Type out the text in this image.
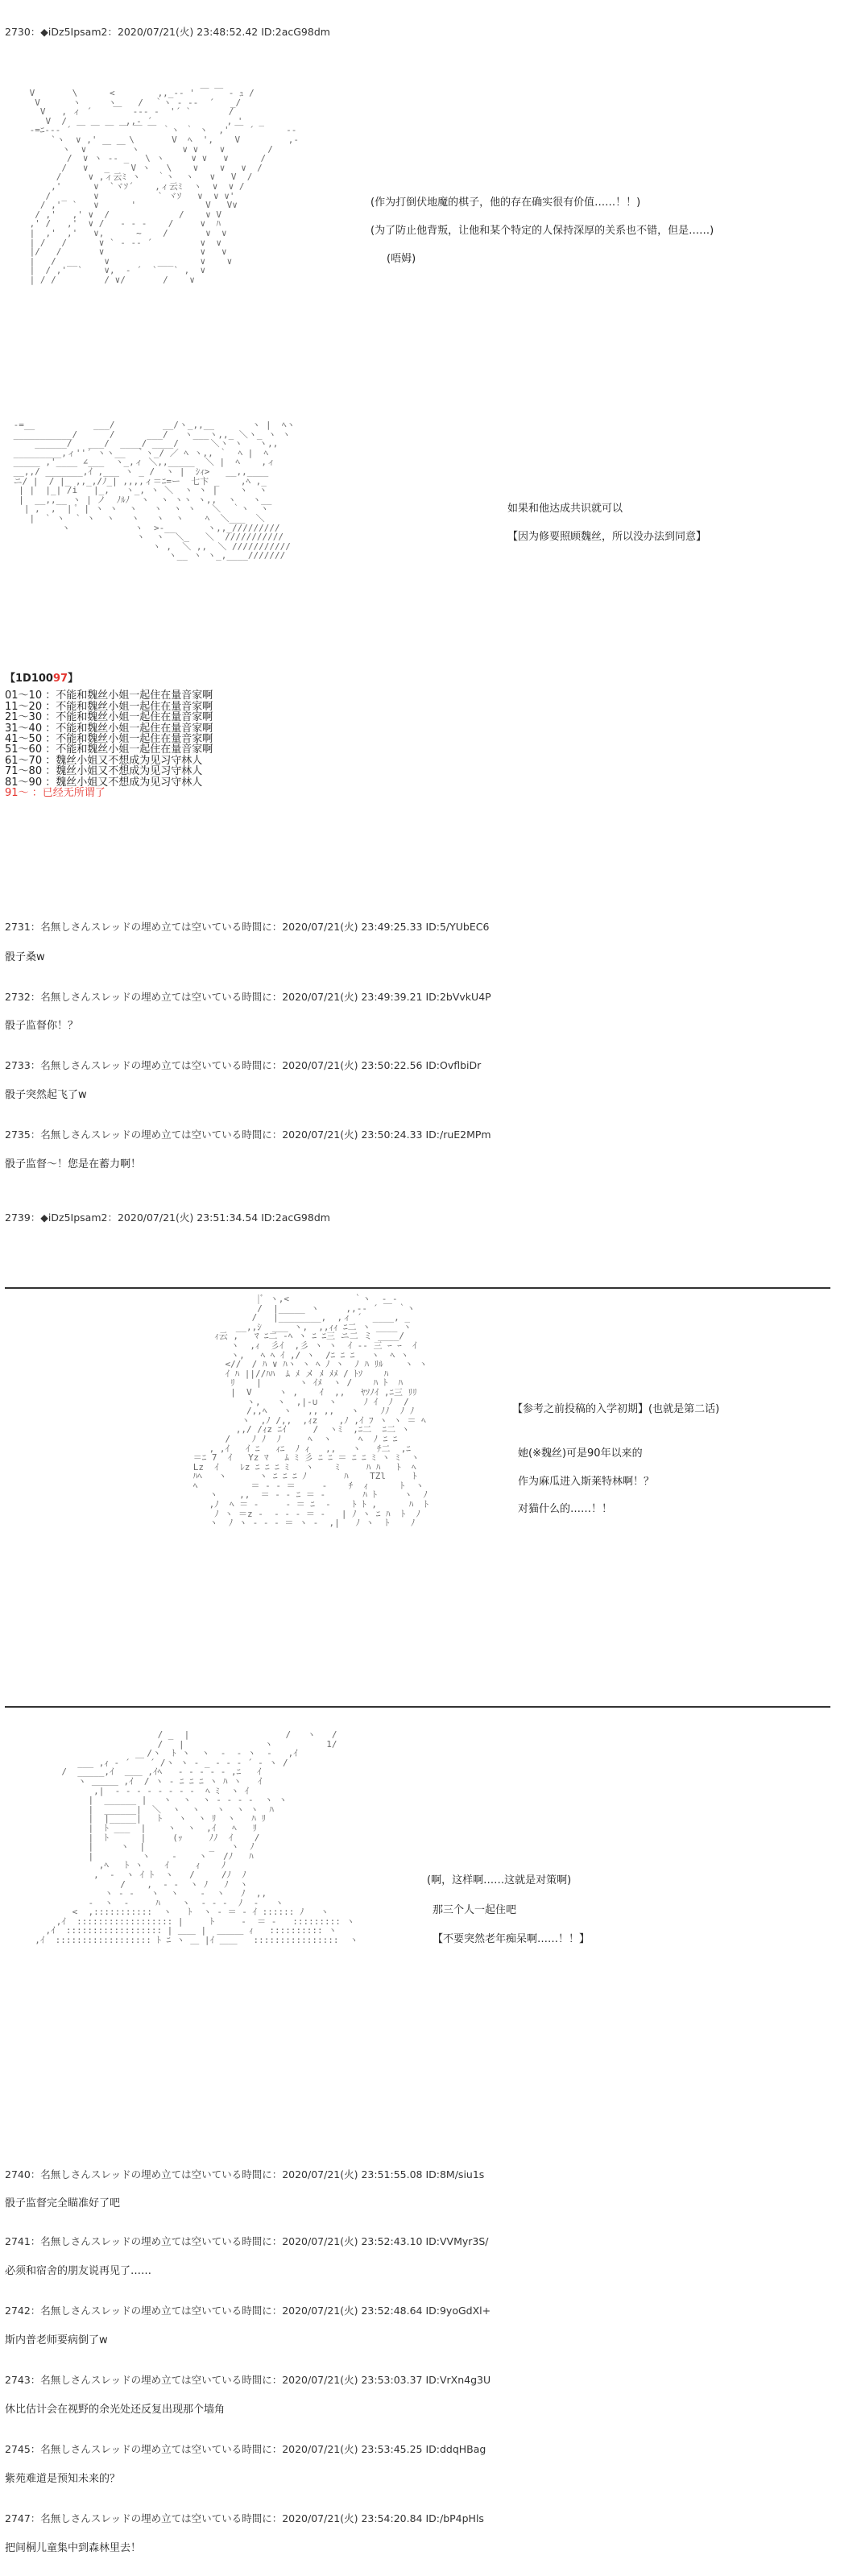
2730：◆iDz5Ipsam2：2020/07/21(火) 23:48:52.42 ID:2acG98dm
V       \      <        ,,_-‐ ' ￣ ￣ - ｭ /
V      ヽ     ヽ    /  ｀ヽ - ‐‐  ´   _/
V   , ィ ´    ￣  ‐‐‐ ‐  '´ `       /
V  /           ,,- ´              , '   _
-=ﾆ-‐‐ ´ ￣ ￣ ￣ ￣ ￣ ￣ ｀ヽ ｀ ヽ  ,' ￣ ´      ‐-
`ヽ  ∨ ,'      \       V  ﾍ  ',    V         ,-
ヽ  ∨   ￣ ￣ ヽ        ∨ ∨    ∨        /
/  ∨ ヽ ‐- _   \ ヽ     ∨ ∨   ∨      /
/   ∨   _    V ヽ   \    ∨    ∨   ∨  /
/     ∨ ,ィ云ﾐ ヽ   ｀ヽ  ヽ   ∨   V  /
,'      ∨  `ヾｿ´    ,ィ云ﾐ  ヽ  ∨  ∨ /
/  _     ∨           ` ヾｿ   ∨  ∨ ∨'
/ ,'  `   ∨      '             V   V∨
/ ,'   ,' ∨  /             /    ∨ V
,' /   ,'  ∨ /   ‐ ‐ ‐    /     ∨  ﾊ
|  ,'  ,'   ∨,      ~    /       ∨  ∨
| /   /      ∨ ` ‐ -- ´         ∨  ∨
|/   /       ∨                  ∨   ∨
|   /  __     ∨         ___     ∨    ∨
|  / ,'  `    ∨,  - ´  `   ` ,  ∨
| / /         / ∨/       /    ∨

(作为打倒伏地魔的棋子，他的存在确实很有价值……！！)
(为了防止他背叛，让他和某个特定的人保持深厚的关系也不错，但是……)
(唔姆)
-=__           ___/         __/ヽ_,,__       ヽ |  ﾍヽ
___________/      /      ___/   ヽ___ヽ,,_ ＼ヽ_ ヽ ヽ
______/   ___/  ____/ ____/      ＼ヽ ヽ   ヽ,,
_________,ィ''´ ヽヽ__  ｀ヽ_/ ／ ﾍ ヽ,, ｀  ﾍ |  ﾍ
_____ ,'____ ∠___  ヽ_,ィ ＼,,_____  ＼ |  ﾍ    ,ィ
__,,/ _______,ｲ ,___ ヽ _ /  ヽ |  ｼｨ>   __,,____
ニ/ |  / |_ ,,_,/ﾉ_| ,,,,ィ＝ﾆ=ー  七卞 _    ,ﾍ ,_
| |  |_| /i   |_,   ヽ_, ヽ ＼  ヽ ヽ |    ヽ  ヽ
|  __,,__ ヽ | ノ  ﾉﾙﾉ  ヽ  ヽ ヽヽ ヽ,,  ヽ   ヽ__
| ,  ,  | ﾟ | ヽ ヽ  ヽ   ヽ  ヽ ヽ   ＼  ｀ヽ  ヽ
|  ` ヽ  ` ヽ  ヽ   ヽ   ヽ  ヽ    ﾍ  ＼___  ＼
ヽ            ヽ  >-__      ヽ,,_/////////
ヽ  ヽ  ＼_   ＼  ///////////
ヽ ,  ＼ ,,  ＼ ///////////
ヽ__ ヽ ヽ_,____///////

如果和他达成共识就可以
【因为修要照顾魏丝，所以没办法到同意】
【1D10097】
01～10 ：不能和魏丝小姐一起住在量音家啊
11～20 ：不能和魏丝小姐一起住在量音家啊
21～30 ：不能和魏丝小姐一起住在量音家啊
31～40 ：不能和魏丝小姐一起住在量音家啊
41～50 ：不能和魏丝小姐一起住在量音家啊
51～60 ：不能和魏丝小姐一起住在量音家啊
61～70 ：魏丝小姐又不想成为见习守林人
71～80 ：魏丝小姐又不想成为见习守林人
81～90 ：魏丝小姐又不想成为见习守林人
91～ ：已经无所谓了
2731：名無しさんスレッドの埋め立ては空いている時間に：2020/07/21(火) 23:49:25.33 ID:5/YUbEC6
骰子桑w
2732：名無しさんスレッドの埋め立ては空いている時間に：2020/07/21(火) 23:49:39.21 ID:2bVvkU4P
骰子监督你！？
2733：名無しさんスレッドの埋め立ては空いている時間に：2020/07/21(火) 23:50:22.56 ID:OvflbiDr
骰子突然起飞了w
2735：名無しさんスレッドの埋め立ては空いている時間に：2020/07/21(火) 23:50:24.33 ID:/ruE2MPm
骰子监督～！您是在蓄力啊！
2739：◆iDz5Ipsam2：2020/07/21(火) 23:51:34.54 ID:2acG98dm
|ﾞ ヽ,<            ｀ヽ  - ‐
/  |_____ ヽ     ,,-‐ ´ ￣ ｀ヽ
/   |________,  ,ィ ´  ____, _
__,,ｼ  ___ ヽ,  ,,ｨｨ ﾆ二 ヽ ____ ヽ
ｨ云 ,   ﾏ ﾆ二 ‐ﾍ ヽ ﾆ ﾆ三 ニ二 ミ ____/
ヽ  ,ｨ  彡ｲ  ,彡 ヽ ヽ  ｲ ‐‐ 三 ｰ ｰ  ｲ
ヽ,   ﾍ ﾍ ｲ ,/ ヽ  /ﾆ ﾆ ﾆ   ヽ  ﾍ ヽ
<//  / ﾊ ∨ ﾊヽ ヽ ﾍ ﾉ ヽ  ﾉ ﾊ ﾘﾙ    ヽ ヽ
ｲ ﾊ ||//ﾊﾊ  ﾑ ﾒ メ ﾒ ﾒﾒ / ﾄｿ    ﾊ
ﾘ    |       ヽ ｲﾒ  ヽ /    ﾊ ﾄ  ﾊ
|  V     ヽ ,    ｲ  ,,   ﾔｿﾉｲ ,ﾆ三 ﾘﾘ
ヽ,   ヽ  ,|-∪  ヽ     ﾉ ｲ  ﾉ  /
/,,ﾍ   ヽ   ,, ,,   ヽ    ﾉﾉ  ﾉ ﾉ
ヽ  ,ﾉ /,,  ,ｨz    ,ﾉ ,ｲ ﾌ ヽ ヽ ＝ ﾍ
,,/ /ｨz ﾆｲ     /  ヽﾐ  ,ﾆ二  ﾆ二 ヽ
/    ﾉ ﾉ  ﾉ     ﾍ  ヽ     ﾍ  ﾉ ﾆ ﾆ
, ,ｲ   ｲ ﾆ   ｨﾆ  ﾉ ｨ   ,,   ヽ   ﾁ二  ,ﾆ
＝ﾆ 7  ｲ   Yz ﾏ   ﾑ ﾐ 彡 ﾆ ﾆ ＝ ﾆ ﾆ ﾐ ヽ ﾐ  ヽ
Lz  ｲ    ﾚz ﾆ ﾆ ﾆ ﾐ   ヽ    ﾐ     ﾊ ﾊ   ﾄ  ﾍ
ﾊﾍ   ヽ      ヽ ﾆ ﾆ ﾆ ﾉ       ﾊ    TZl     ﾄ
ﾍ          ＝ ‐ ‐ ＝     ‐    ﾁ  ｨ      ﾄ  ヽ
ヽ    ,,  ＝ ‐ ‐ ﾆ ＝ ‐       ﾊ ﾄ     ヽ  ﾉ
,ﾉ  ﾍ ＝ ‐     ‐ ＝ ﾆ  ‐    ﾄ ﾄ ,      ﾊ  ﾄ
ﾉ ヽ ＝z ‐  ‐ ‐ ‐ ＝ ‐   | ﾉ ヽ ﾆ ﾊ  ﾄ  ﾉ
ヽ  ﾉ ヽ ‐ ‐ ‐ ＝ ヽ ‐  ,|   ﾉ ヽ  ﾄ    ﾉ

【参考之前投稿的入学初期】(也就是第二话)
她(※魏丝)可是90年以来的
作为麻瓜进入斯莱特林啊！？
对猫什么的……！！
/ _  |                  /   ヽ   /
/   |               ヽ          1/
/ヽ  ﾄ ヽ  ヽ  ‐  ‐ ヽ  ‐   ,ｲ
___ ,ｨ ‐ ´ ￣ ´ /ヽ ヽ ‐ _ ‐ - ‐ ´ ‐ ヽ /
/  _____,ｲ  ＿＿ ,ｲﾍ   ‐ - ‐ - ‐ ,ﾆ   ｲ
ヽ ＿＿＿ ,ｲ  / ヽ ‐ ﾆ ﾆ ﾆ ヽ ﾊ ヽ   ｲ
,|  ‐ ‐ ‐ ‐ ‐ ‐ ‐ ‐  ﾍ ﾐ  ヽ ｲ
|  ______ |   ヽ  ヽ  ヽ ‐ ‐ ‐ ‐  ヽ ヽ
|  ______|  ＼  ヽ  ヽ   ヽ  ヽ ヽ  ﾊ
|  |_____|   ﾄ   ヽ  ヽ ﾘ  ヽ   ﾊ ﾘ
|  ﾄ ___  |    ヽ  ヽ  ,ｲ   ﾍ   ﾘ
|  ﾄ      |     (ｯ     ﾉﾉ  ｲ    /
|     ヽ  |            _   ヽ  ﾉ
|         ヽ    ‐    ヽ   /ﾉ   ﾊ
,ﾍ   ﾄ ヽ    ｲ     ｨ    ﾉ
,  ‐  ヽ ｲ ﾄ  ヽ   /     /ﾉ  ﾉ
/    ,  ‐ ‐  ヽ ﾉ   ﾉ  ヽ
ヽ ‐ ‐   ヽ  ヽ    ‐  ヽ   ﾉ  ,,
‐  ヽ  ‐     ﾊ    ヽ  ‐ ‐ ‐  ﾉ  ‐   ヽ
<  ,:::::::::::  ヽ   ﾄ  ヽ ‐ ＝ ‐ ｲ :::::: ﾉ   ヽ
,ｲ  :::::::::::::::::: |     ﾄ     ‐  ＝ ‐   ::::::::: ヽ
,ｲ  :::::::::::::::::: | ＿＿ |  ＿＿＿ ｨ   :::::::::: ヽ
,ｲ  :::::::::::::::::: ﾄ ﾆ ヽ ＿ |ｲ ＿＿   ::::::::::::::::  ヽ

(啊，这样啊……这就是对策啊)
那三个人一起住吧
【不要突然老年痴呆啊……！！】
2740：名無しさんスレッドの埋め立ては空いている時間に：2020/07/21(火) 23:51:55.08 ID:8M/siu1s
骰子监督完全瞄准好了吧
2741：名無しさんスレッドの埋め立ては空いている時間に：2020/07/21(火) 23:52:43.10 ID:VVMyr3S/
必须和宿舍的朋友说再见了……
2742：名無しさんスレッドの埋め立ては空いている時間に：2020/07/21(火) 23:52:48.64 ID:9yoGdXl+
斯内普老师要病倒了w
2743：名無しさんスレッドの埋め立ては空いている時間に：2020/07/21(火) 23:53:03.37 ID:VrXn4g3U
休比估计会在视野的余光处还反复出现那个墙角
2745：名無しさんスレッドの埋め立ては空いている時間に：2020/07/21(火) 23:53:45.25 ID:ddqHBag
紫苑难道是预知未来的？
2747：名無しさんスレッドの埋め立ては空いている時間に：2020/07/21(火) 23:54:20.84 ID:/bP4pHls
把间桐儿童集中到森林里去！
